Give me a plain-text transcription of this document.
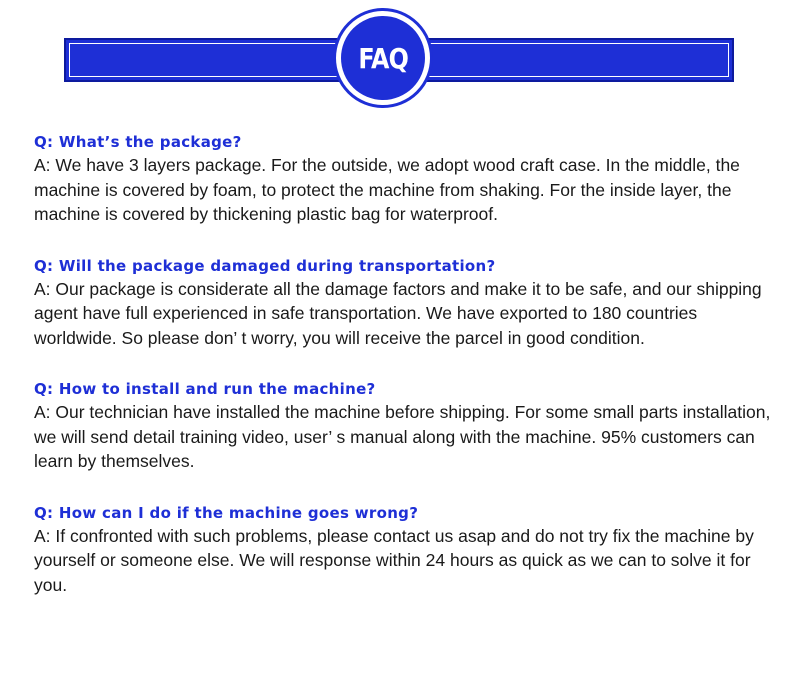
FAQ

Q: What’s the package?

A: We have 3 layers package. For the outside, we adopt wood craft case. In the middle, the machine is covered by foam, to protect the machine from shaking. For the inside layer, the machine is covered by thickening plastic bag for waterproof.

Q: Will the package damaged during transportation?

A: Our package is considerate all the damage factors and make it to be safe, and our shipping agent have full experienced in safe transportation. We have exported to 180 countries worldwide. So please don’ t worry, you will receive the parcel in good condition.

Q: How to install and run the machine?

A: Our technician have installed the machine before shipping. For some small parts installation, we will send detail training video, user’ s manual along with the machine. 95% customers can learn by themselves.

Q: How can I do if the machine goes wrong?

A: If confronted with such problems, please contact us asap and do not try fix the machine by yourself or someone else. We will response within 24 hours as quick as we can to solve it for you.
